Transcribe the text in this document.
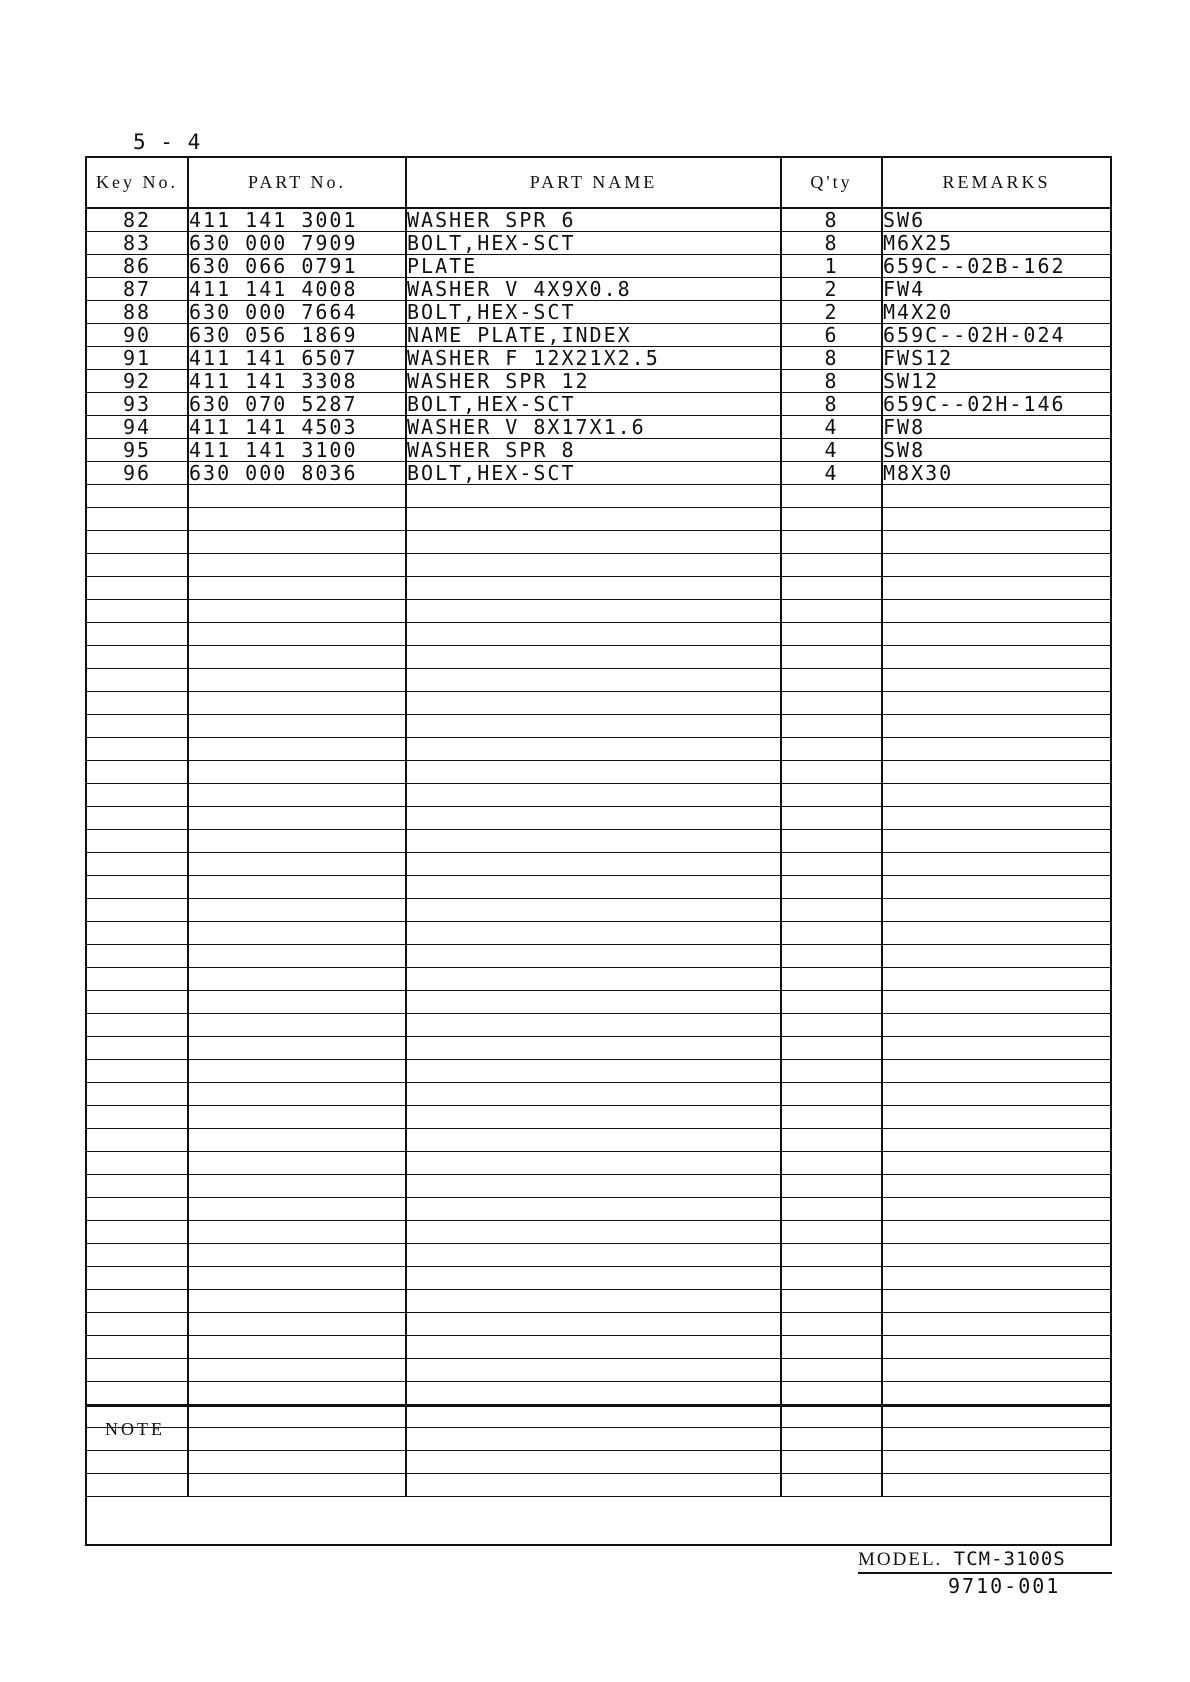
5 - 4
Key No.	PART No.	PART NAME	Q'ty	REMARKS
82	411 141 3001	WASHER SPR 6	8	SW6
83	630 000 7909	BOLT,HEX-SCT	8	M6X25
86	630 066 0791	PLATE	1	659C--02B-162
87	411 141 4008	WASHER V 4X9X0.8	2	FW4
88	630 000 7664	BOLT,HEX-SCT	2	M4X20
90	630 056 1869	NAME PLATE,INDEX	6	659C--02H-024
91	411 141 6507	WASHER F 12X21X2.5	8	FWS12
92	411 141 3308	WASHER SPR 12	8	SW12
93	630 070 5287	BOLT,HEX-SCT	8	659C--02H-146
94	411 141 4503	WASHER V 8X17X1.6	4	FW8
95	411 141 3100	WASHER SPR 8	4	SW8
96	630 000 8036	BOLT,HEX-SCT	4	M8X30

NOTE
MODEL. TCM-3100S
9710-001
